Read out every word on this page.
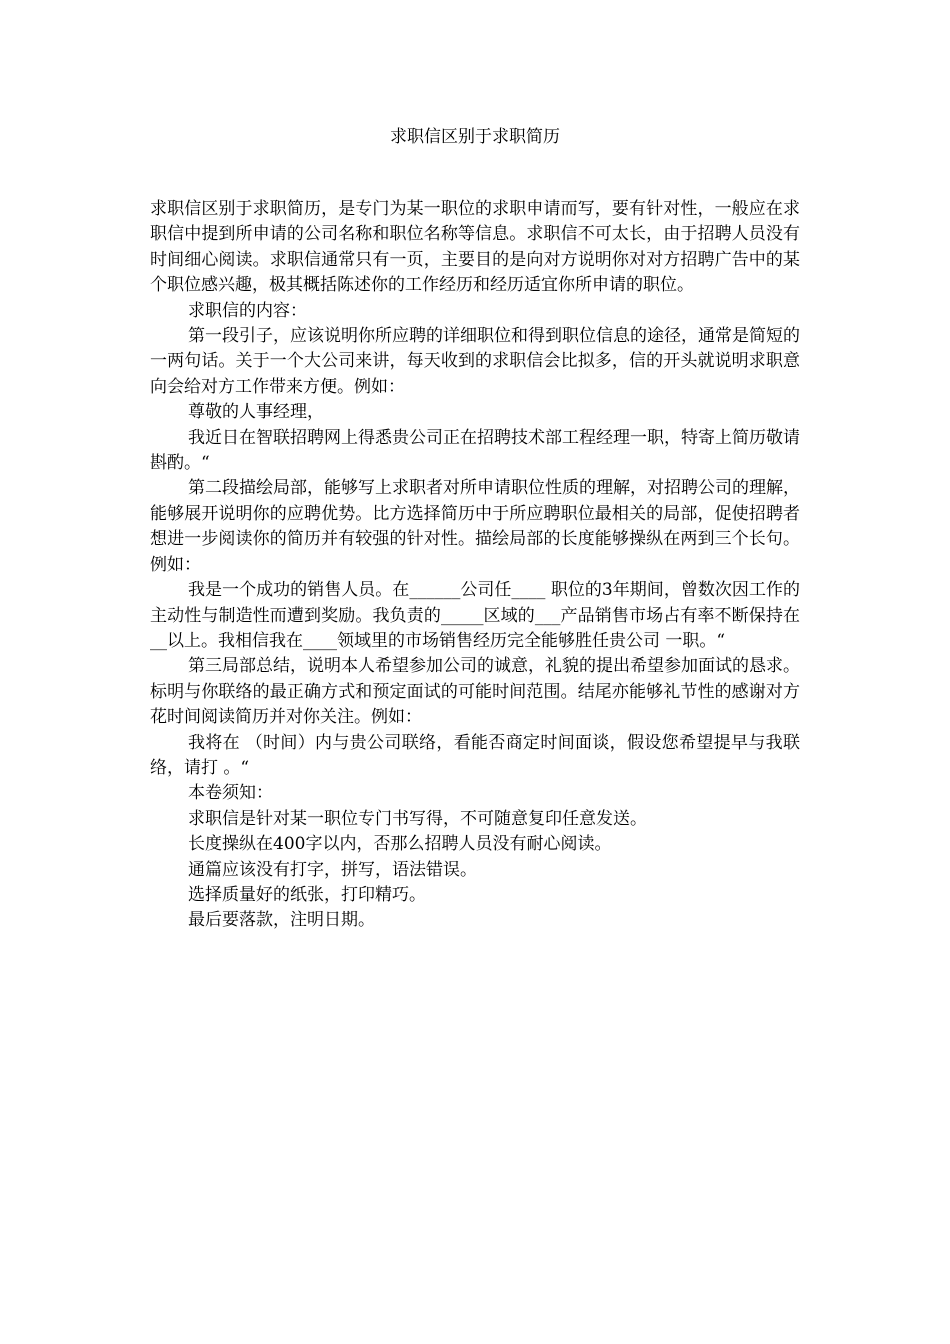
求职信区别于求职简历

求职信区别于求职简历，是专门为某一职位的求职申请而写，要有针对性，一般应在求职信中提到所申请的公司名称和职位名称等信息。求职信不可太长，由于招聘人员没有时间细心阅读。求职信通常只有一页，主要目的是向对方说明你对对方招聘广告中的某个职位感兴趣，极其概括陈述你的工作经历和经历适宜你所申请的职位。

求职信的内容：

第一段引子，应该说明你所应聘的详细职位和得到职位信息的途径，通常是简短的一两句话。关于一个大公司来讲，每天收到的求职信会比拟多，信的开头就说明求职意向会给对方工作带来方便。例如：

尊敬的人事经理，

我近日在智联招聘网上得悉贵公司正在招聘技术部工程经理一职，特寄上简历敬请斟酌。“

第二段描绘局部，能够写上求职者对所申请职位性质的理解，对招聘公司的理解，能够展开说明你的应聘优势。比方选择简历中于所应聘职位最相关的局部，促使招聘者想进一步阅读你的简历并有较强的针对性。描绘局部的长度能够操纵在两到三个长句。例如：

我是一个成功的销售人员。在______公司任____ 职位的3年期间，曾数次因工作的主动性与制造性而遭到奖励。我负责的_____区域的___产品销售市场占有率不断保持在__以上。我相信我在____领域里的市场销售经历完全能够胜任贵公司 一职。“

第三局部总结，说明本人希望参加公司的诚意，礼貌的提出希望参加面试的恳求。标明与你联络的最正确方式和预定面试的可能时间范围。结尾亦能够礼节性的感谢对方花时间阅读简历并对你关注。例如：

我将在 （时间）内与贵公司联络，看能否商定时间面谈，假设您希望提早与我联络，请打 。“

本卷须知：

求职信是针对某一职位专门书写得，不可随意复印任意发送。

长度操纵在400字以内，否那么招聘人员没有耐心阅读。

通篇应该没有打字，拼写，语法错误。

选择质量好的纸张，打印精巧。

最后要落款，注明日期。
